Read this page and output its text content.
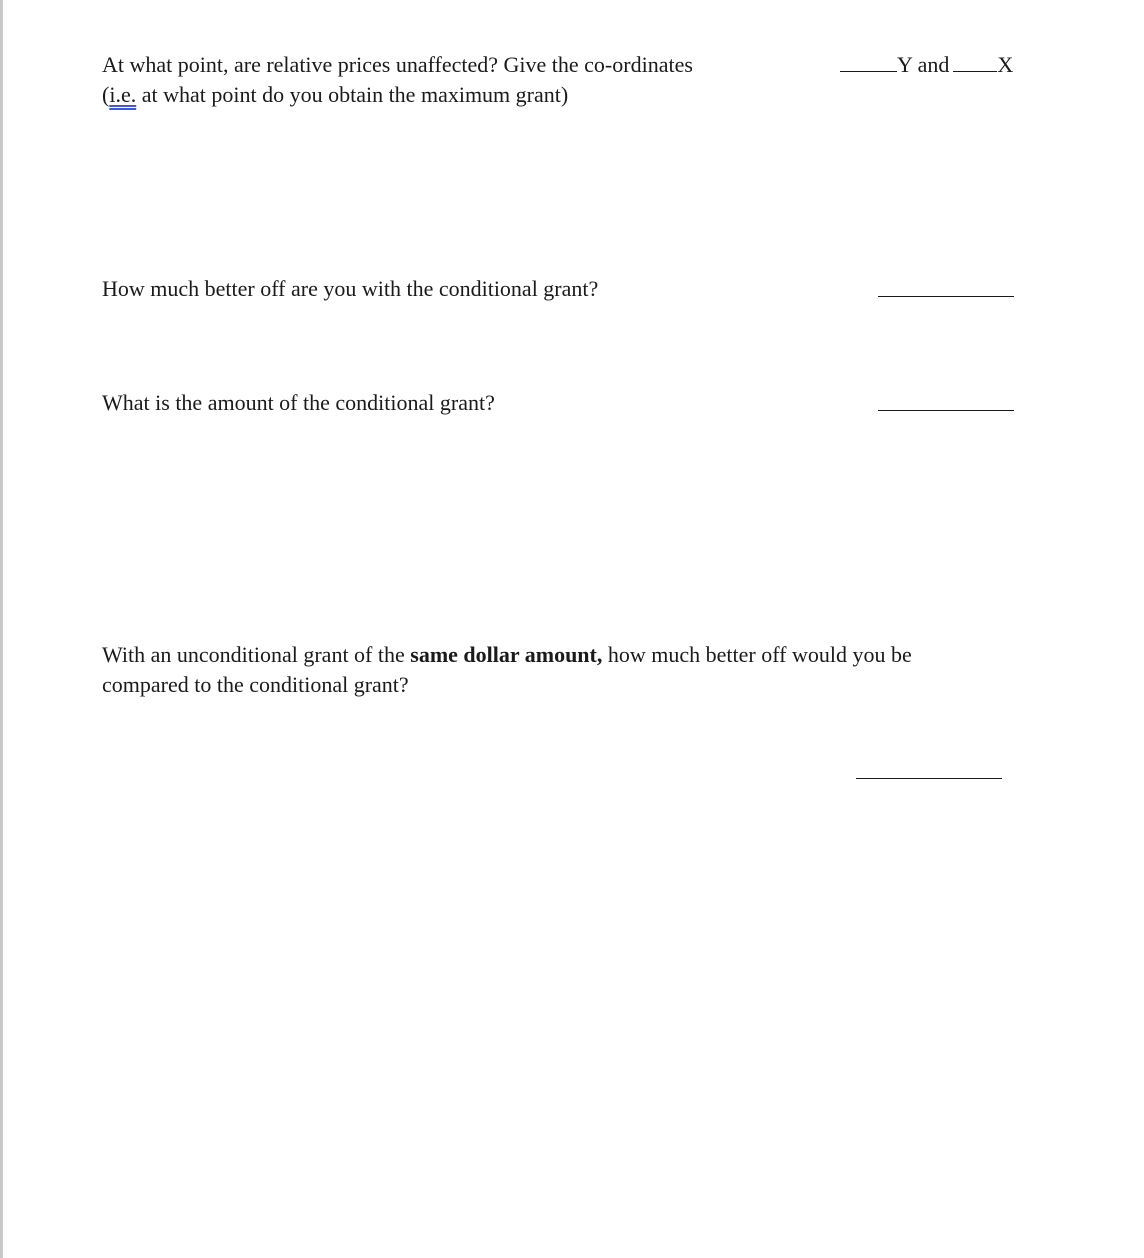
At what point, are relative prices unaffected? Give the co-ordinates
(i.e. at what point do you obtain the maximum grant)
Y and X
How much better off are you with the conditional grant?
What is the amount of the conditional grant?
With an unconditional grant of the same dollar amount, how much better off would you be
compared to the conditional grant?
